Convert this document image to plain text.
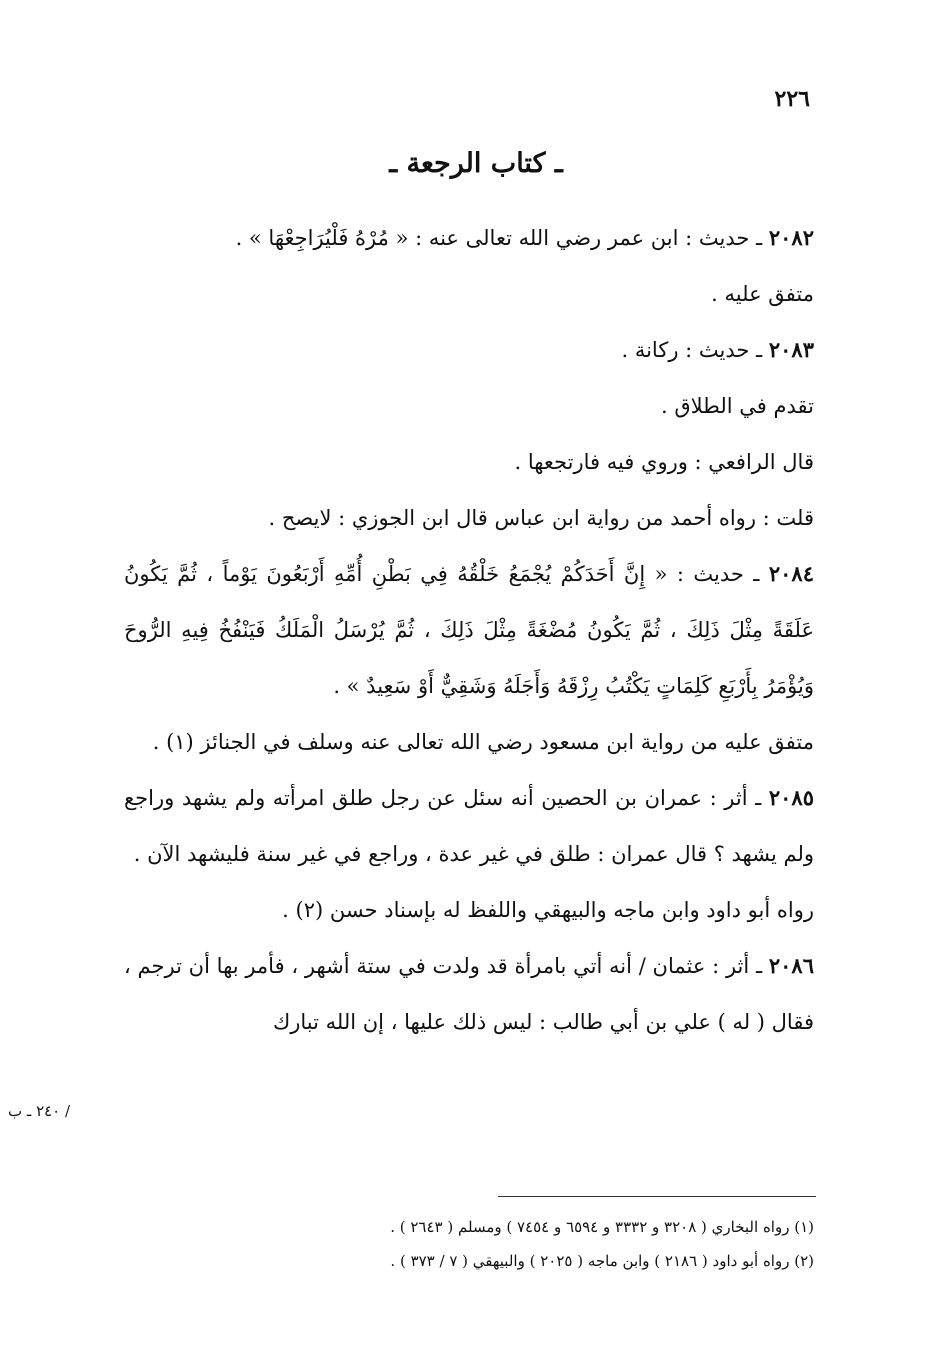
٢٢٦
ـ كتاب الرجعة ـ

٢٠٨٢ ـ حديث : ابن عمر رضي الله تعالى عنه : « مُرْهُ فَلْيُرَاجِعْهَا » .

متفق عليه .

٢٠٨٣ ـ حديث : ركانة .

تقدم في الطلاق .

قال الرافعي : وروي فيه فارتجعها .

قلت : رواه أحمد من رواية ابن عباس قال ابن الجوزي : لايصح .

٢٠٨٤ ـ حديث : « إِنَّ أَحَدَكُمْ يُجْمَعُ خَلْقُهُ فِي بَطْنِ أُمِّهِ أَرْبَعُونَ يَوْماً ، ثُمَّ يَكُونُ عَلَقَةً مِثْلَ ذَلِكَ ، ثُمَّ يَكُونُ مُضْغَةً مِثْلَ ذَلِكَ ، ثُمَّ يُرْسَلُ الْمَلَكُ فَيَنْفُخُ فِيهِ الرُّوحَ وَيُؤْمَرُ بِأَرْبَعِ كَلِمَاتٍ يَكْتُبُ رِزْقَهُ وَأَجَلَهُ وَشَقِيٌّ أَوْ سَعِيدٌ » .

متفق عليه من رواية ابن مسعود رضي الله تعالى عنه وسلف في الجنائز (١) .

٢٠٨٥ ـ أثر : عمران بن الحصين أنه سئل عن رجل طلق امرأته ولم يشهد وراجع ولم يشهد ؟ قال عمران : طلق في غير عدة ، وراجع في غير سنة فليشهد الآن .

رواه أبو داود وابن ماجه والبيهقي واللفظ له بإسناد حسن (٢) .

٢٠٨٦ ـ أثر : عثمان / أنه أتي بامرأة قد ولدت في ستة أشهر ، فأمر بها أن ترجم ، فقال ( له ) علي بن أبي طالب : ليس ذلك عليها ، إن الله تبارك

/ ٢٤٠ ـ ب

(١) رواه البخاري ( ٣٢٠٨ و ٣٣٣٢ و ٦٥٩٤ و ٧٤٥٤ ) ومسلم ( ٢٦٤٣ ) .

(٢) رواه أبو داود ( ٢١٨٦ ) وابن ماجه ( ٢٠٢٥ ) والبيهقي ( ٧ / ٣٧٣ ) .
